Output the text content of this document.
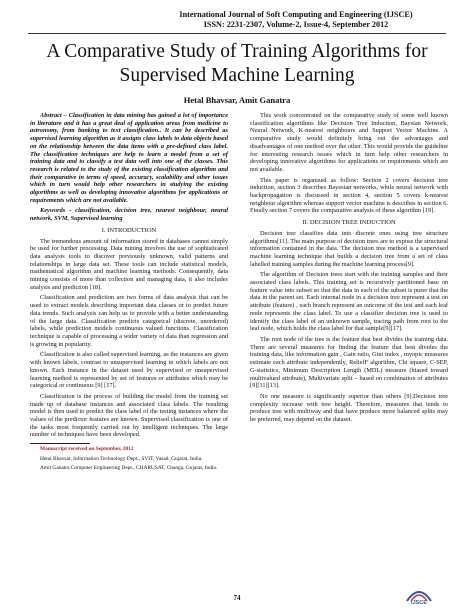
International Journal of Soft Computing and Engineering (IJSCE)
ISSN: 2231-2307, Volume-2, Issue-4, September 2012
A Comparative Study of Training Algorithms for Supervised Machine Learning
Hetal Bhavsar, Amit Ganatra

Abstract – Classification in data mining has gained a lot of importance in literature and it has a great deal of application areas from medicine to astronomy, from banking to text classification.. It can be described as supervised learning algorithm as it assigns class labels to data objects based on the relationship between the data items with a pre-defined class label. The classification techniques are help to learn a model from a set of training data and to classify a test data well into one of the classes. This research is related to the study of the existing classification algorithm and their comparative in terms of speed, accuracy, scalability and other issues which in turn would help other researchers in studying the existing algorithms as well as developing innovative algorithms for applications or requirements which are not available.

Keywords - classification, decision tree, nearest neighbour, neural network, SVM, Supervised learning

I. INTRODUCTION

The tremendous amount of information stored in databases cannot simply be used for further processing. Data mining involves the use of sophisticated data analysis tools to discover previously unknown, valid patterns and relationships in large data set. These tools can include statistical models, mathematical algorithm and machine learning methods. Consequently, data mining consists of more than collection and managing data, it also includes analysis and prediction [18].

Classification and prediction are two forms of data analysis that can be used to extract models describing important data classes or to predict future data trends. Such analysis can help us to provide with a better understanding of the large data. Classification predicts categorical (discrete, unordered) labels, while prediction models continuous valued functions. Classification technique is capable of processing a wider variety of data than regression and is growing in popularity.

Classification is also called supervised learning, as the instances are given with known labels, contrast to unsupervised learning in which labels are not known. Each instance in the dataset used by supervised or unsupervised learning method is represented by set of features or attributes which may be categorical or continuous [9] [17].

Classification is the process of building the model from the training set made up of database instances and associated class labels. The resulting model is then used to predict the class label of the testing instances where the values of the predictor features are known. Supervised classification is one of the tasks most frequently carried out by intelligent techniques. The large number of techniques have been developed.

Manuscript received on September, 2012

Hetal Bhavsar, Information Technology Dept., SVIT, Vasad, Gujarat, India.

Amit Ganatra Computer Engineering Dept., CHARUSAT, Changa, Gujarat, India.

This work concentrated on the comparative study of some well known classification algorithms like Decision Tree Induction, Baysian Network, Neural Network, K-nearest neighbours and Support Vector Machine. A comparative study would definitely bring out the advantages and disadvantages of one method over the other. This would provide the guideline for interesting research issues which in turn help other researchers in developing innovative algorithms for applications or requirements which are not available.

This paper is organized as follow: Section 2 covers decision tree induction, section 3 describes Bayesian networks, while neural network with backpropagation is discussed in section 4, section 5 covers k-nearest neighbour algorithm whereas support vector machine is describes in section 6. Finally section 7 covers the comparative analysis of these algorithm [19].

II. DECISION TREE INDUCTION

Decision tree classifies data into discrete ones using tree structure algorithms[11]. The main purpose of decision trees are to expose the structural information contained in the data. The decision tree method is a supervised machine learning technique that builds a decision tree from a set of class labelled training samples during the machine learning process[9].

The algorithm of Decision trees start with the training samples and their associated class labels. This training set is recursively partitioned base on feature value into subset so that the data in each of the subset is purer that the data in the parent set. Each internal node in a decision tree represent a test on attribute (feature) , each branch represent an outcome of the test and each leaf node represents the class label. To use a classifier decision tree is used to identify the class label of an unknown sample, tracing path from root to the leaf node, which holds the class label for that sample[9][17].

The root node of the tree is the feature that best divides the training data. There are several measures for finding the feature that best divides the training data, like information gain , Gain ratio, Gini index , myopic measures estimate each attribute independently, ReliefF algorithm, Chi square, C-SEP, G-statistics, Minimum Description Length (MDL) measure (biased toward multivalued attribute), Multivariate split – based on combination of attributes [9][11][13].

No one measure is significantly superior than others [9].Decision tree complexity increase with tree height. Therefore, measures that tends to produce tree with multiway and that have produce more balanced splits may be preferred, may depend on the dataset.

74
IJSCE
